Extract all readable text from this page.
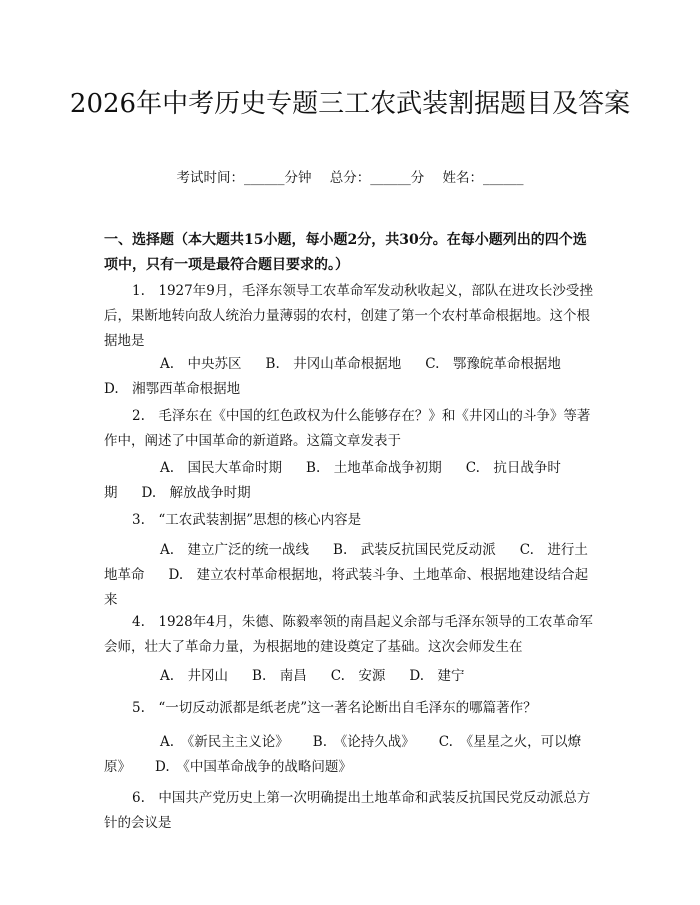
2026年中考历史专题三工农武装割据题目及答案
考试时间：______分钟 总分：______分 姓名：______
一、选择题（本大题共15小题，每小题2分，共30分。在每小题列出的四个选项中，只有一项是最符合题目要求的。）
1.　1927年9月，毛泽东领导工农革命军发动秋收起义，部队在进攻长沙受挫后，果断地转向敌人统治力量薄弱的农村，创建了第一个农村革命根据地。这个根据地是
A.　中央苏区 B.　井冈山革命根据地 C.　鄂豫皖革命根据地D.　湘鄂西革命根据地
2.　毛泽东在《中国的红色政权为什么能够存在？》和《井冈山的斗争》等著作中，阐述了中国革命的新道路。这篇文章发表于
A.　国民大革命时期 B.　土地革命战争初期 C.　抗日战争时期 D.　解放战争时期
3.　“工农武装割据”思想的核心内容是
A.　建立广泛的统一战线 B.　武装反抗国民党反动派 C.　进行土地革命 D.　建立农村革命根据地，将武装斗争、土地革命、根据地建设结合起来
4.　1928年4月，朱德、陈毅率领的南昌起义余部与毛泽东领导的工农革命军会师，壮大了革命力量，为根据地的建设奠定了基础。这次会师发生在
A.　井冈山 B.　南昌 C.　安源 D.　建宁
5.　“一切反动派都是纸老虎”这一著名论断出自毛泽东的哪篇著作？
A.　《新民主主义论》 B.　《论持久战》 C.　《星星之火，可以燎原》 D.　《中国革命战争的战略问题》
6.　中国共产党历史上第一次明确提出土地革命和武装反抗国民党反动派总方针的会议是
